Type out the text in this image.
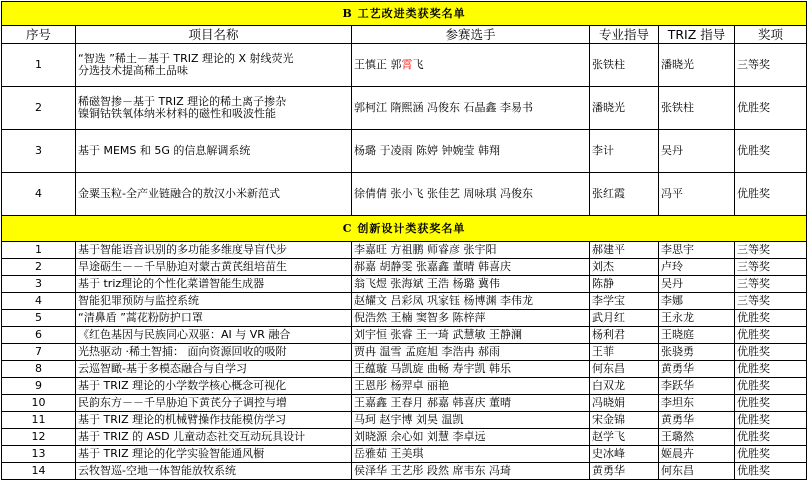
B 工艺改进类获奖名单					
序号	项目名称	参赛选手	专业指导	TRIZ 指导	奖项
1	“智选 ”稀土－基于 TRIZ 理论的 X 射线荧光
分选技术提高稀土品味	王慎正 郭霄飞	张铁柱	潘晓光	三等奖
2	稀磁智掺－基于 TRIZ 理论的稀土离子掺杂
镍铜钴铁氧体纳米材料的磁性和吸波性能	郭柯江 隋熙涵 冯俊东 石晶鑫 李易书	潘晓光	张铁柱	优胜奖
3	基于 MEMS 和 5G 的信息解调系统	杨璐 于凌雨 陈婷 钟婉莹 韩翔	李计	吴丹	优胜奖
4	金粟玉粒-全产业链融合的敖汉小米新范式	徐倩倩 张小飞 张佳艺 周咏琪 冯俊东	张红霞	冯平	优胜奖
C 创新设计类获奖名单					
1	基于智能语音识别的多功能多维度导盲代步	李嘉旺 方祖鹏 师睿彦 张宇阳	郝建平	李思宇	三等奖
2	旱途砺生－－千旱胁迫对蒙古黄芪组培苗生	郝嘉 胡静雯 张嘉鑫 董晴 韩喜庆	刘杰	卢玲	三等奖
3	基于 triz理论的个性化菜谱智能生成器	翁飞煜 张海斌 王浩 杨璐 冀伟	陈静	吴丹	三等奖
4	智能犯罪预防与监控系统	赵耀文 吕彩凤 巩家钰 杨博渊 李伟龙	李学宝	李娜	三等奖
5	“清鼻盾 ”蒿花粉防护口罩	倪浩然 王楠 窦智多 陈梓萍	武月红	王永龙	优胜奖
6	《红色基因与民族同心双驱：AI 与 VR 融合	刘宇恒 张睿 王一琦 武慧敏 王静澜	杨利君	王晓庭	优胜奖
7	光热驱动 ·稀土智捕： 面向资源回收的吸附	贾冉 温雪 孟庭旭 李浩冉 郝雨	王菲	张骁勇	优胜奖
8	云巡智瞰-基于多模态融合与自学习	王蕴璇 马凯旋 曲畅 寿宇凯 韩乐	何东昌	黄勇华	优胜奖
9	基于 TRIZ 理论的小学数学核心概念可视化	王恩彤 杨羿卓 丽艳	白双龙	李跃华	优胜奖
10	民韵东方－－千旱胁迫下黄芪分子调控与增	王嘉鑫 王春月 郝嘉 韩喜庆 董晴	冯晓娟	李坦东	优胜奖
11	基于 TRIZ 理论的机械臂操作技能模仿学习	马珂 赵宇博 刘昊 温凯	宋金锦	黄勇华	优胜奖
12	基于 TRIZ 的 ASD 儿童动态社交互动玩具设计	刘晓源 余心如 刘慧 李卓远	赵学飞	王璐然	优胜奖
13	基于 TRIZ 理论的化学实验智能通风橱	岳雅茹 王美琪	史冰峰	姬晨卉	优胜奖
14	云牧智巡-空地一体智能放牧系统	侯泽华 王艺彤 段然 席韦东 冯琦	黄勇华	何东昌	优胜奖
